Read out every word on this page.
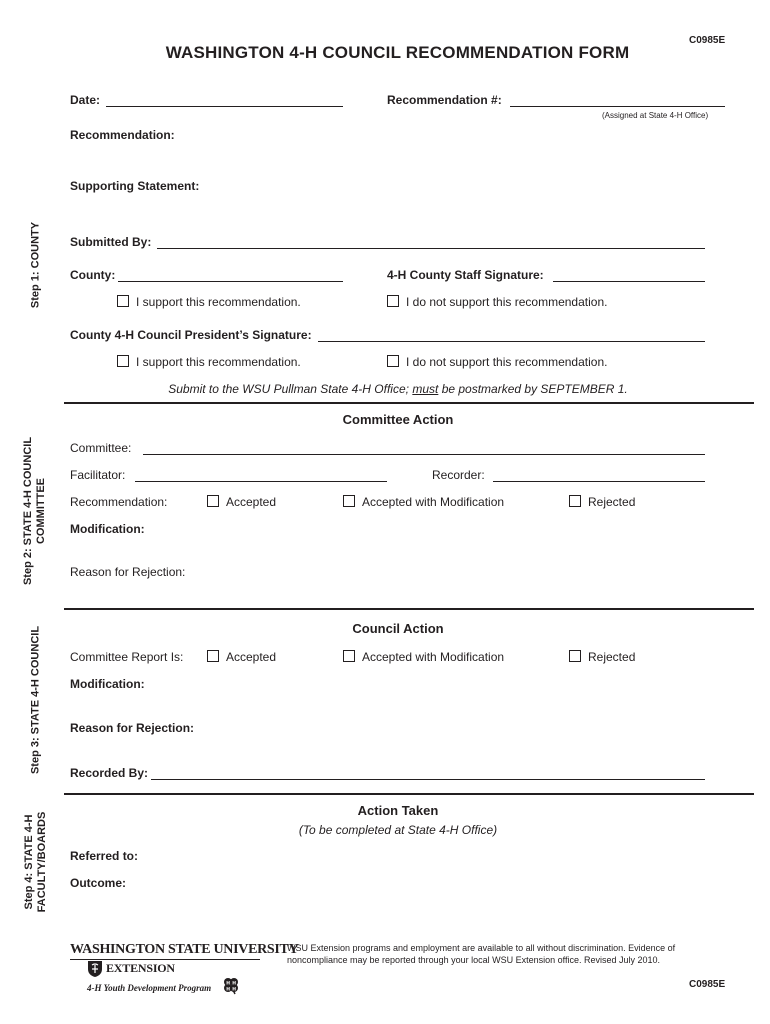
C0985E
WASHINGTON 4-H COUNCIL RECOMMENDATION FORM
Step 1: COUNTY
Date:	Recommendation #:
(Assigned at State 4-H Office)
Recommendation:
Supporting Statement:
Submitted By:
County:	4-H County Staff Signature:
I support this recommendation.	I do not support this recommendation.
County 4-H Council President’s Signature:
I support this recommendation.	I do not support this recommendation.
Submit to the WSU Pullman State 4-H Office; must be postmarked by SEPTEMBER 1.
Step 2: STATE 4-H COUNCIL COMMITTEE
Committee Action
Committee:
Facilitator:	Recorder:
Recommendation:	Accepted	Accepted with Modification	Rejected
Modification:
Reason for Rejection:
Step 3: STATE 4-H COUNCIL	Council Action
Committee Report Is:	Accepted	Accepted with Modification	Rejected
Modification:
Reason for Rejection:
Recorded By:
Step 4: STATE 4-H FACULTY/BOARDS
Action Taken
(To be completed at State 4-H Office)
Referred to:
Outcome:
WASHINGTON STATE UNIVERSITY
EXTENSION
4-H Youth Development Program	H H
H H
WSU Extension programs and employment are available to all without discrimination. Evidence of noncompliance may be reported through your local WSU Extension office. Revised July 2010.
C0985E
